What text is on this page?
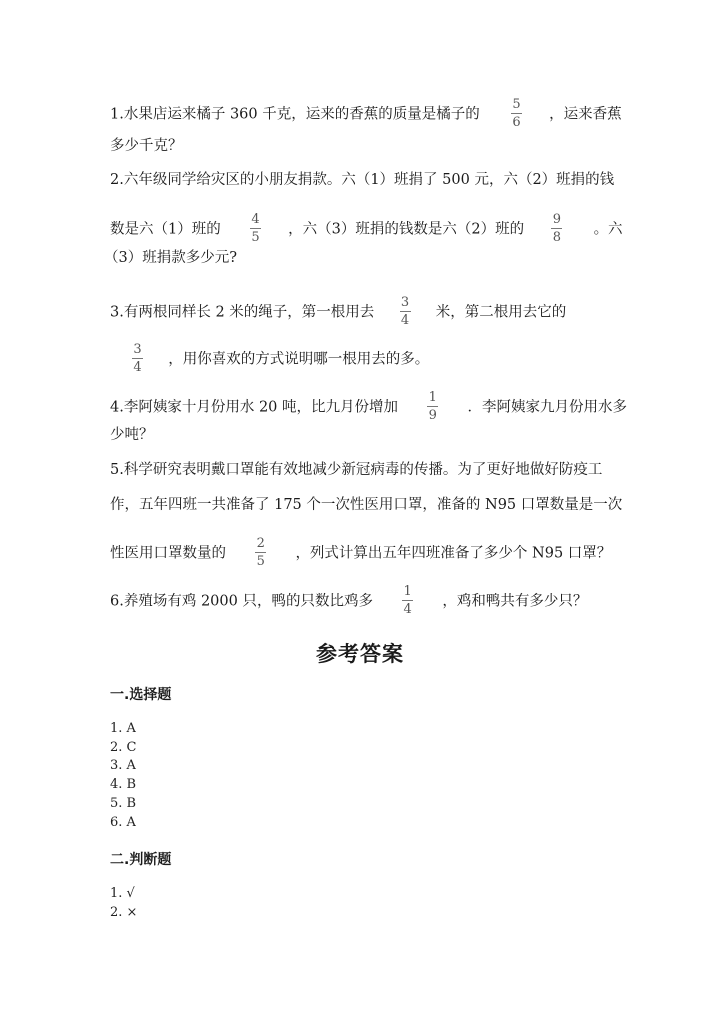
1.水果店运来橘子 360 千克，运来的香蕉的质量是橘子的 $\frac{5}{6}$ ，运来香蕉
多少千克？
2.六年级同学给灾区的小朋友捐款。六（1）班捐了 500 元，六（2）班捐的钱
数是六（1）班的 $\frac{4}{5}$ ，六（3）班捐的钱数是六（2）班的 $\frac{9}{8}$ 。六
（3）班捐款多少元?
3.有两根同样长 2 米的绳子，第一根用去 $\frac{3}{4}$ 米，第二根用去它的
$\frac{3}{4}$ ，用你喜欢的方式说明哪一根用去的多。
4.李阿姨家十月份用水 20 吨，比九月份增加 $\frac{1}{9}$ ．李阿姨家九月份用水多
少吨？
5.科学研究表明戴口罩能有效地减少新冠病毒的传播。为了更好地做好防疫工
作，五年四班一共准备了 175 个一次性医用口罩，准备的 N95 口罩数量是一次
性医用口罩数量的 $\frac{2}{5}$ ，列式计算出五年四班准备了多少个 N95 口罩？
6.养殖场有鸡 2000 只，鸭的只数比鸡多 $\frac{1}{4}$ ，鸡和鸭共有多少只？
参考答案
一.选择题
1. A
2. C
3. A
4. B
5. B
6. A
二.判断题
1. √
2. ×
